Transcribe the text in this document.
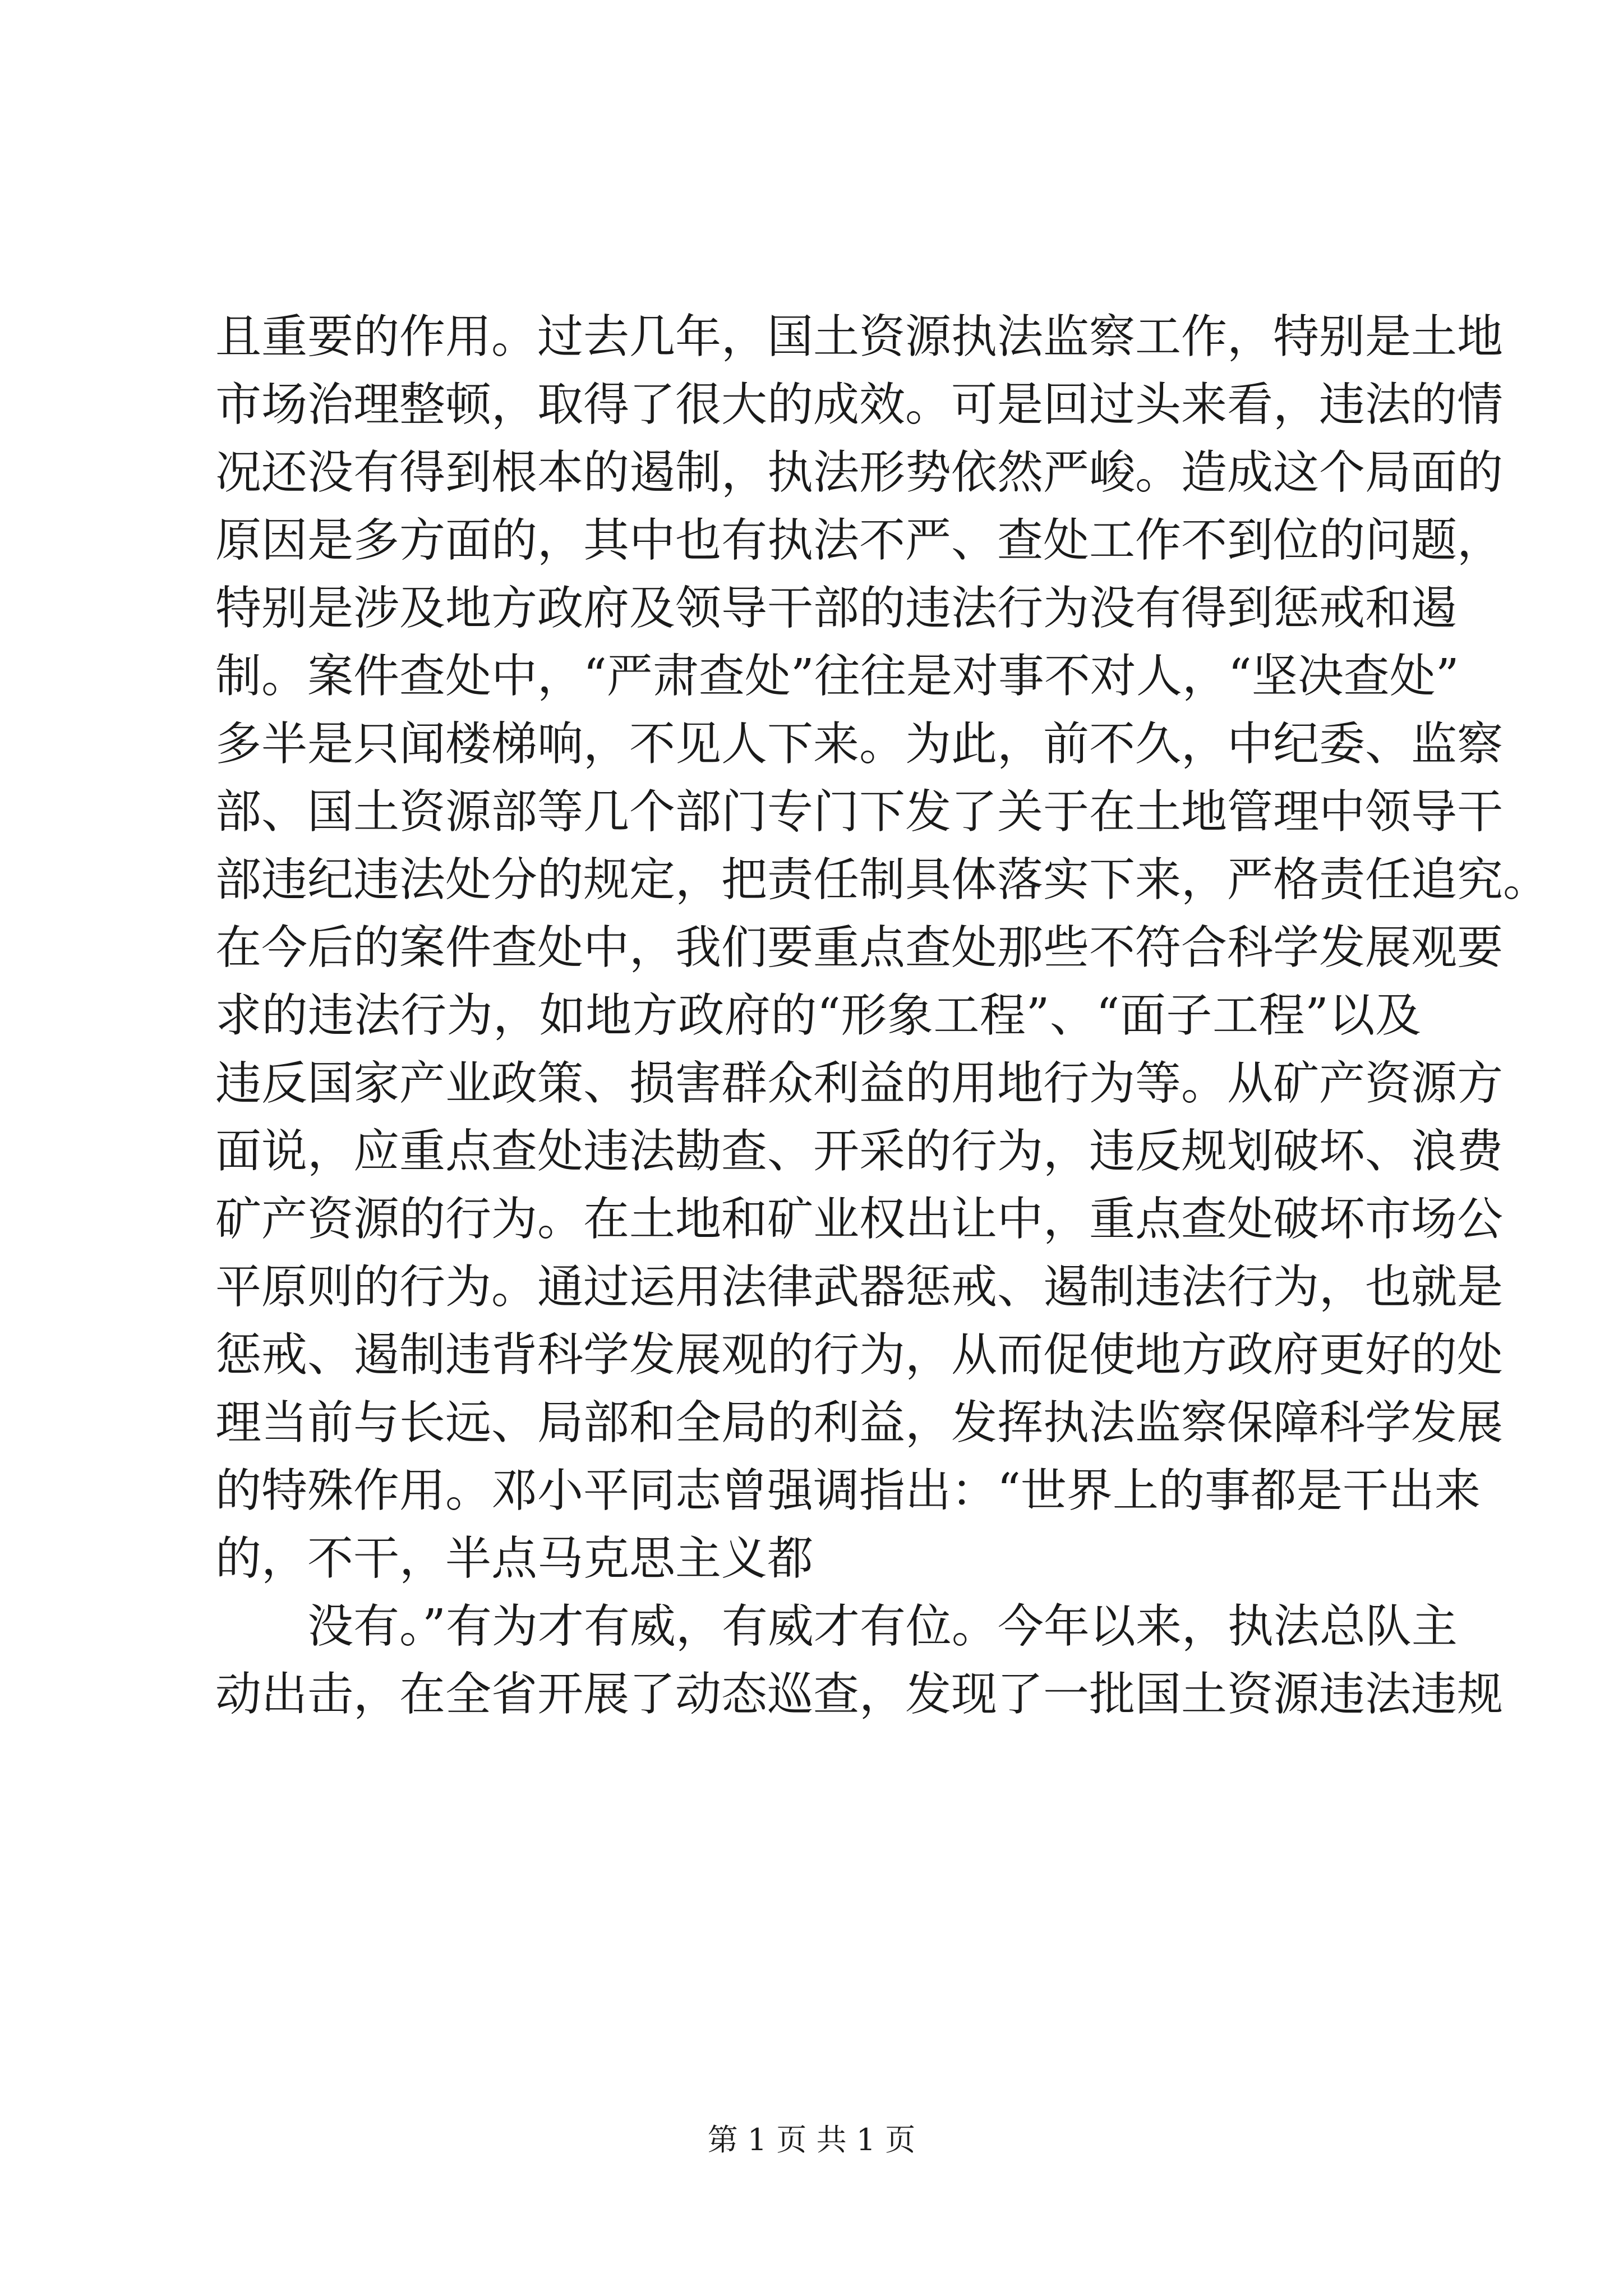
且重要的作用。过去几年，国土资源执法监察工作，特别是土地
市场治理整顿，取得了很大的成效。可是回过头来看，违法的情
况还没有得到根本的遏制，执法形势依然严峻。造成这个局面的
原因是多方面的，其中也有执法不严、查处工作不到位的问题，
特别是涉及地方政府及领导干部的违法行为没有得到惩戒和遏
制。案件查处中，“严肃查处”往往是对事不对人，“坚决查处”
多半是只闻楼梯响，不见人下来。为此，前不久，中纪委、监察
部、国土资源部等几个部门专门下发了关于在土地管理中领导干
部违纪违法处分的规定，把责任制具体落实下来，严格责任追究。
在今后的案件查处中，我们要重点查处那些不符合科学发展观要
求的违法行为，如地方政府的“形象工程”、“面子工程”以及
违反国家产业政策、损害群众利益的用地行为等。从矿产资源方
面说，应重点查处违法勘查、开采的行为，违反规划破坏、浪费
矿产资源的行为。在土地和矿业权出让中，重点查处破坏市场公
平原则的行为。通过运用法律武器惩戒、遏制违法行为，也就是
惩戒、遏制违背科学发展观的行为，从而促使地方政府更好的处
理当前与长远、局部和全局的利益，发挥执法监察保障科学发展
的特殊作用。邓小平同志曾强调指出：“世界上的事都是干出来
的，不干，半点马克思主义都
没有。”有为才有威，有威才有位。今年以来，执法总队主
动出击，在全省开展了动态巡查，发现了一批国土资源违法违规
第 1 页 共 1 页
